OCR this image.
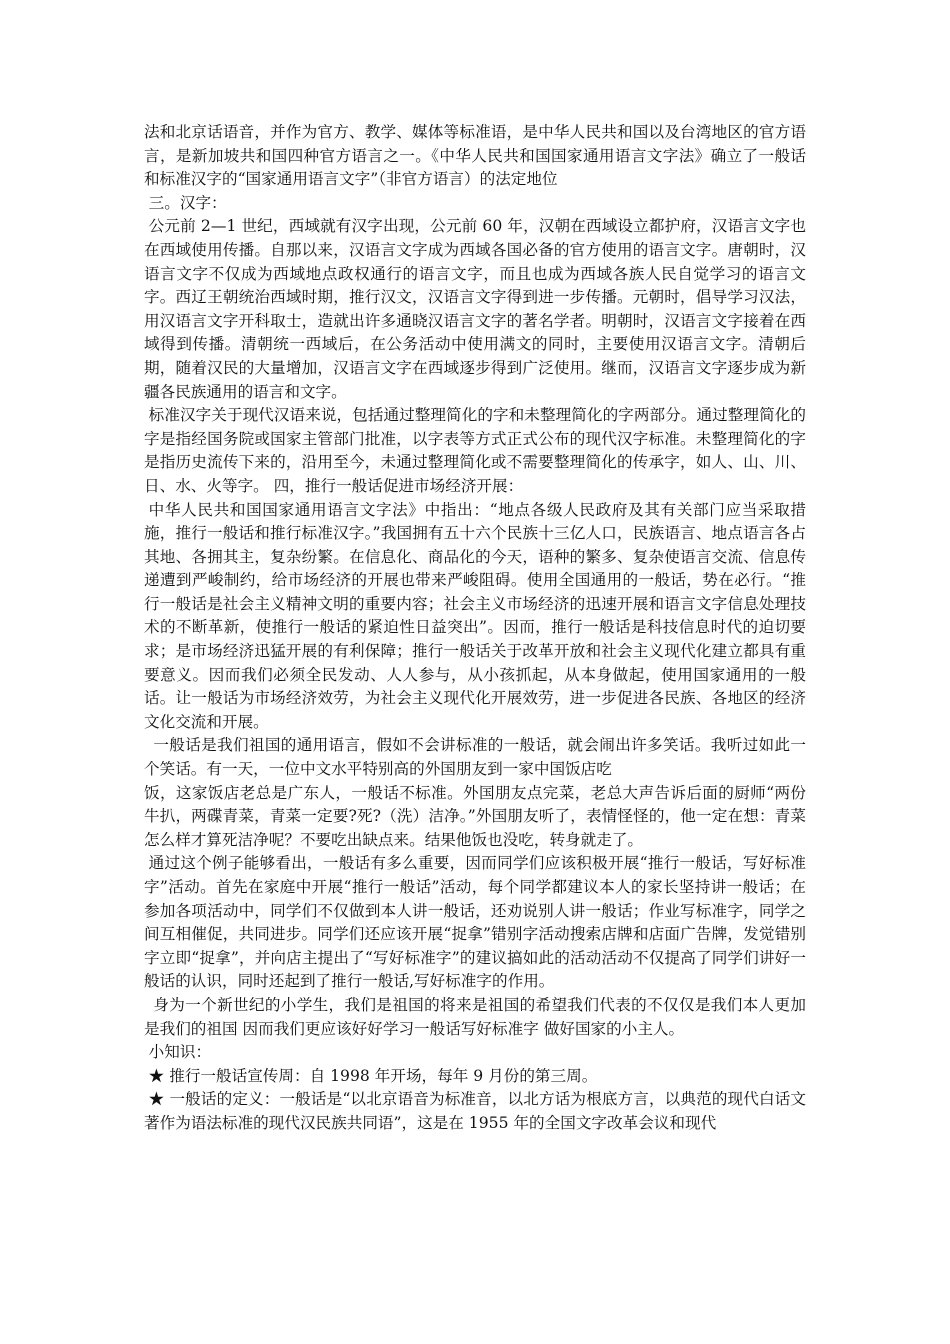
法和北京话语音，并作为官方、教学、媒体等标准语，是中华人民共和国以及台湾地区的官方语言，是新加坡共和国四种官方语言之一。《中华人民共和国国家通用语言文字法》确立了一般话和标准汉字的“国家通用语言文字”（非官方语言）的法定地位

三。汉字：

公元前 2—1 世纪，西域就有汉字出现，公元前 60 年，汉朝在西域设立都护府，汉语言文字也在西域使用传播。自那以来，汉语言文字成为西域各国必备的官方使用的语言文字。唐朝时，汉语言文字不仅成为西域地点政权通行的语言文字，而且也成为西域各族人民自觉学习的语言文字。西辽王朝统治西域时期，推行汉文，汉语言文字得到进一步传播。元朝时，倡导学习汉法，用汉语言文字开科取士，造就出许多通晓汉语言文字的著名学者。明朝时，汉语言文字接着在西域得到传播。清朝统一西域后，在公务活动中使用满文的同时，主要使用汉语言文字。清朝后期，随着汉民的大量增加，汉语言文字在西域逐步得到广泛使用。继而，汉语言文字逐步成为新疆各民族通用的语言和文字。

标准汉字关于现代汉语来说，包括通过整理简化的字和未整理简化的字两部分。通过整理简化的字是指经国务院或国家主管部门批准，以字表等方式正式公布的现代汉字标准。未整理简化的字是指历史流传下来的，沿用至今，未通过整理简化或不需要整理简化的传承字，如人、山、川、日、水、火等字。 四，推行一般话促进市场经济开展：

中华人民共和国国家通用语言文字法》中指出：“地点各级人民政府及其有关部门应当采取措施，推行一般话和推行标准汉字。”我国拥有五十六个民族十三亿人口，民族语言、地点语言各占其地、各拥其主，复杂纷繁。在信息化、商品化的今天，语种的繁多、复杂使语言交流、信息传递遭到严峻制约，给市场经济的开展也带来严峻阻碍。使用全国通用的一般话，势在必行。“推行一般话是社会主义精神文明的重要内容；社会主义市场经济的迅速开展和语言文字信息处理技术的不断革新，使推行一般话的紧迫性日益突出”。因而，推行一般话是科技信息时代的迫切要求；是市场经济迅猛开展的有利保障；推行一般话关于改革开放和社会主义现代化建立都具有重要意义。因而我们必须全民发动、人人参与，从小孩抓起，从本身做起，使用国家通用的一般话。让一般话为市场经济效劳，为社会主义现代化开展效劳，进一步促进各民族、各地区的经济文化交流和开展。

一般话是我们祖国的通用语言，假如不会讲标准的一般话，就会闹出许多笑话。我听过如此一个笑话。有一天，一位中文水平特别高的外国朋友到一家中国饭店吃

饭，这家饭店老总是广东人，一般话不标准。外国朋友点完菜，老总大声告诉后面的厨师“两份牛扒，两碟青菜，青菜一定要?死?（洗）洁净。”外国朋友听了，表情怪怪的，他一定在想：青菜怎么样才算死洁净呢？不要吃出缺点来。结果他饭也没吃，转身就走了。

通过这个例子能够看出，一般话有多么重要，因而同学们应该积极开展“推行一般话，写好标准字”活动。首先在家庭中开展“推行一般话”活动，每个同学都建议本人的家长坚持讲一般话；在参加各项活动中，同学们不仅做到本人讲一般话，还劝说别人讲一般话；作业写标准字，同学之间互相催促，共同进步。同学们还应该开展“捉拿”错别字活动搜索店牌和店面广告牌，发觉错别字立即“捉拿”，并向店主提出了“写好标准字”的建议搞如此的活动活动不仅提高了同学们讲好一般话的认识，同时还起到了推行一般话,写好标准字的作用。

身为一个新世纪的小学生，我们是祖国的将来是祖国的希望我们代表的不仅仅是我们本人更加是我们的祖国 因而我们更应该好好学习一般话写好标准字 做好国家的小主人。

小知识：

★ 推行一般话宣传周：自 1998 年开场，每年 9 月份的第三周。

★ 一般话的定义：一般话是“以北京语音为标准音，以北方话为根底方言，以典范的现代白话文著作为语法标准的现代汉民族共同语”，这是在 1955 年的全国文字改革会议和现代
